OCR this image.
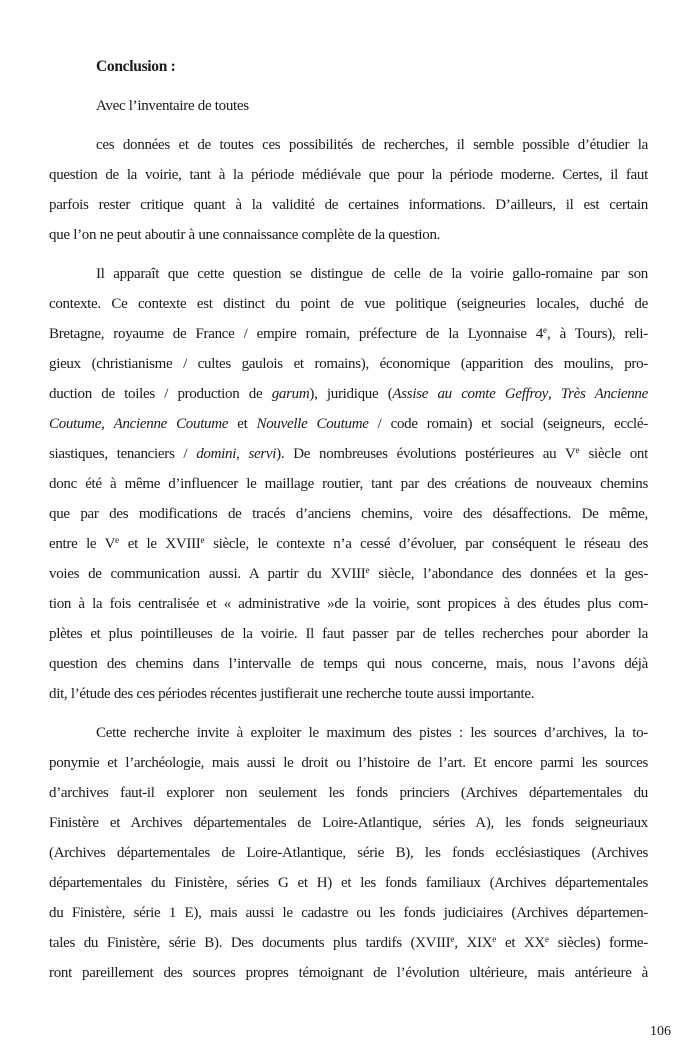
Conclusion :
Avec l’inventaire de toutes
ces données et de toutes ces possibilités de recherches, il semble possible d’étudier la
question de la voirie, tant à la période médiévale que pour la période moderne. Certes, il faut
parfois rester critique quant à la validité de certaines informations. D’ailleurs, il est certain
que l’on ne peut aboutir à une connaissance complète de la question.
Il apparaît que cette question se distingue de celle de la voirie gallo-romaine par son
contexte. Ce contexte est distinct du point de vue politique (seigneuries locales, duché de
Bretagne, royaume de France / empire romain, préfecture de la Lyonnaise 4e, à Tours), reli-
gieux (christianisme / cultes gaulois et romains), économique (apparition des moulins, pro-
duction de toiles / production de garum), juridique (Assise au comte Geffroy, Très Ancienne
Coutume, Ancienne Coutume et Nouvelle Coutume / code romain) et social (seigneurs, ecclé-
siastiques, tenanciers / domini, servi). De nombreuses évolutions postérieures au Ve siècle ont
donc été à même d’influencer le maillage routier, tant par des créations de nouveaux chemins
que par des modifications de tracés d’anciens chemins, voire des désaffections. De même,
entre le Ve et le XVIIIe siècle, le contexte n’a cessé d’évoluer, par conséquent le réseau des
voies de communication aussi. A partir du XVIIIe siècle, l’abondance des données et la ges-
tion à la fois centralisée et « administrative »de la voirie, sont propices à des études plus com-
plètes et plus pointilleuses de la voirie. Il faut passer par de telles recherches pour aborder la
question des chemins dans l’intervalle de temps qui nous concerne, mais, nous l’avons déjà
dit, l’étude des ces périodes récentes justifierait une recherche toute aussi importante.
Cette recherche invite à exploiter le maximum des pistes : les sources d’archives, la to-
ponymie et l’archéologie, mais aussi le droit ou l’histoire de l’art. Et encore parmi les sources
d’archives faut-il explorer non seulement les fonds princiers (Archives départementales du
Finistère et Archives départementales de Loire-Atlantique, séries A), les fonds seigneuriaux
(Archives départementales de Loire-Atlantique, série B), les fonds ecclésiastiques (Archives
départementales du Finistère, séries G et H) et les fonds familiaux (Archives départementales
du Finistère, série 1 E), mais aussi le cadastre ou les fonds judiciaires (Archives départemen-
tales du Finistère, série B). Des documents plus tardifs (XVIIIe, XIXe et XXe siècles) forme-
ront pareillement des sources propres témoignant de l’évolution ultérieure, mais antérieure à
106
